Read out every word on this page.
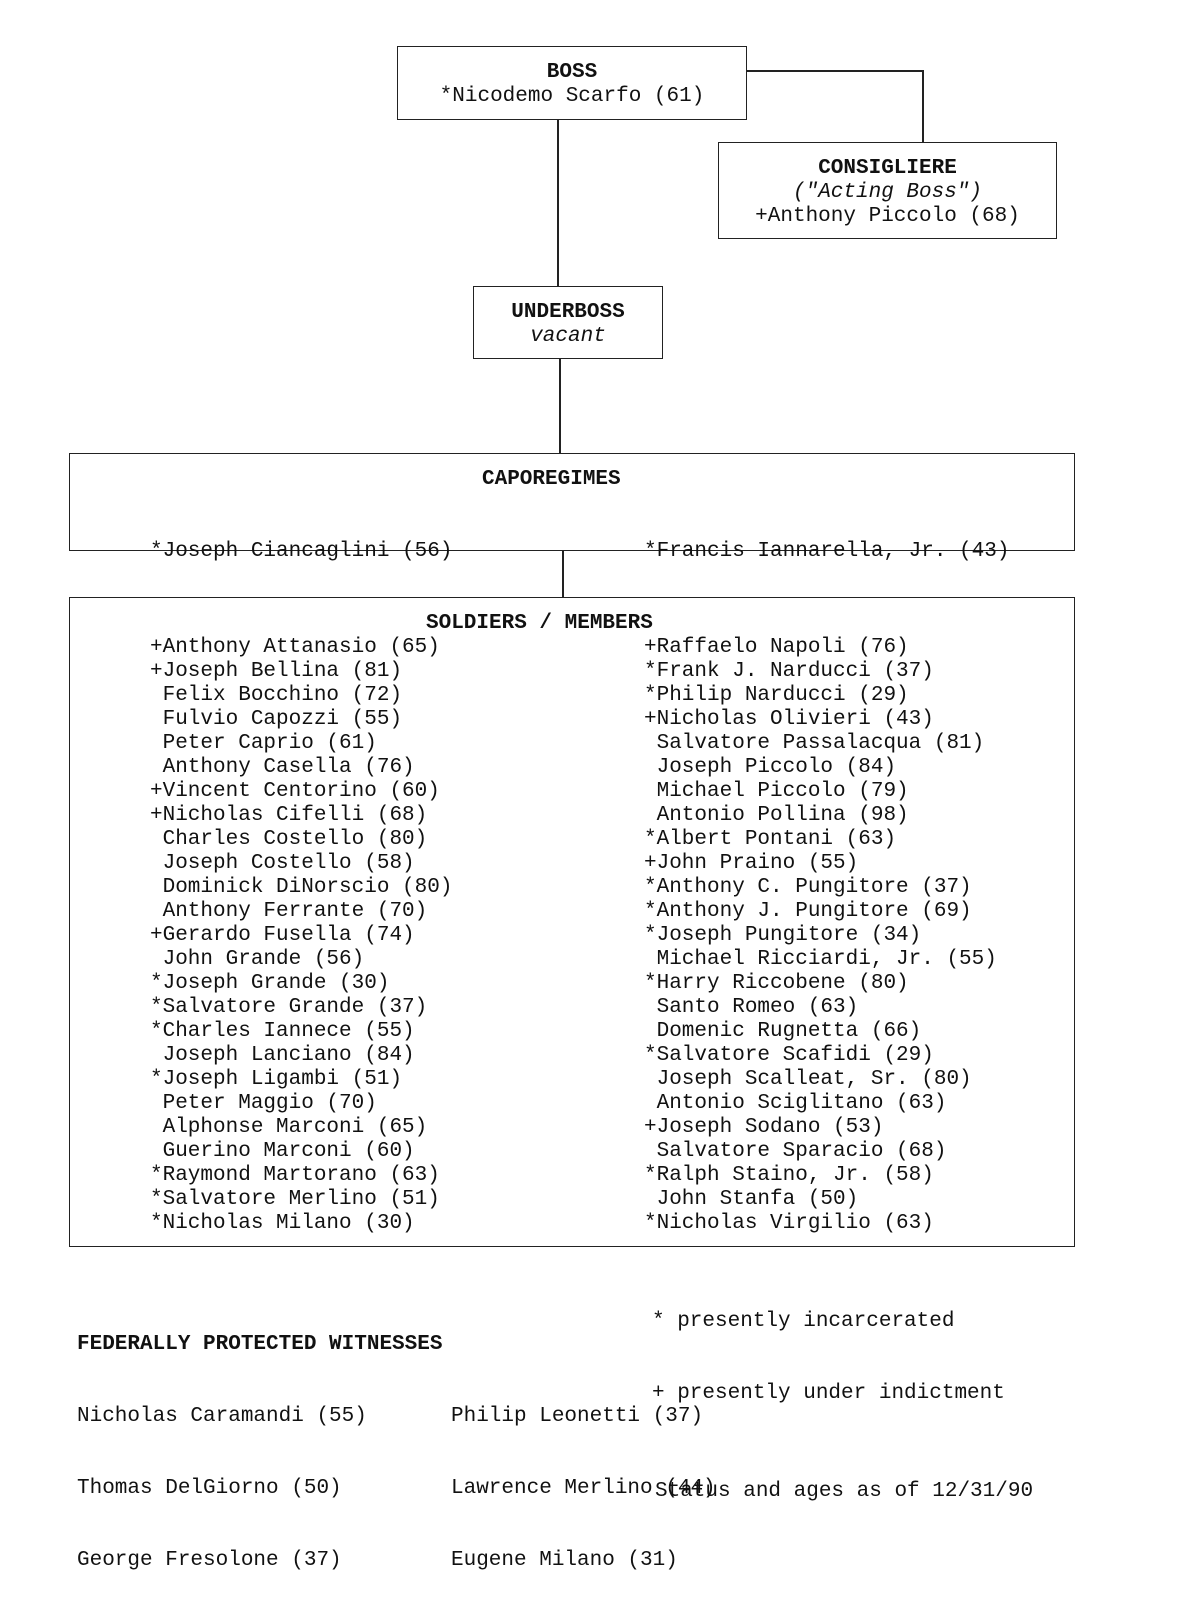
BOSS
*Nicodemo Scarfo (61)
CONSIGLIERE
("Acting Boss")
+Anthony Piccolo (68)
UNDERBOSS
vacant
CAPOREGIMES

*Joseph Ciancaglini (56)

	*Francis Iannarella, Jr. (43)

SOLDIERS / MEMBERS
+Anthony Attanasio (65)
+Joseph Bellina (81)
Felix Bocchino (72)
Fulvio Capozzi (55)
Peter Caprio (61)
Anthony Casella (76)
+Vincent Centorino (60)
+Nicholas Cifelli (68)
Charles Costello (80)
Joseph Costello (58)
Dominick DiNorscio (80)
Anthony Ferrante (70)
+Gerardo Fusella (74)
John Grande (56)
*Joseph Grande (30)
*Salvatore Grande (37)
*Charles Iannece (55)
Joseph Lanciano (84)
*Joseph Ligambi (51)
Peter Maggio (70)
Alphonse Marconi (65)
Guerino Marconi (60)
*Raymond Martorano (63)
*Salvatore Merlino (51)
*Nicholas Milano (30)
+Raffaelo Napoli (76)
*Frank J. Narducci (37)
*Philip Narducci (29)
+Nicholas Olivieri (43)
Salvatore Passalacqua (81)
Joseph Piccolo (84)
Michael Piccolo (79)
Antonio Pollina (98)
*Albert Pontani (63)
+John Praino (55)
*Anthony C. Pungitore (37)
*Anthony J. Pungitore (69)
*Joseph Pungitore (34)
Michael Ricciardi, Jr. (55)
*Harry Riccobene (80)
Santo Romeo (63)
Domenic Rugnetta (66)
*Salvatore Scafidi (29)
Joseph Scalleat, Sr. (80)
Antonio Sciglitano (63)
+Joseph Sodano (53)
Salvatore Sparacio (68)
*Ralph Staino, Jr. (58)
John Stanfa (50)
*Nicholas Virgilio (63)

* presently incarcerated

+ presently under indictment

FEDERALLY PROTECTED WITNESSES

Nicholas Caramandi (55)

Thomas DelGiorno (50)

George Fresolone (37)

Philip Leonetti (37)

Lawrence Merlino (44)

Eugene Milano (31)

Status and ages as of 12/31/90
